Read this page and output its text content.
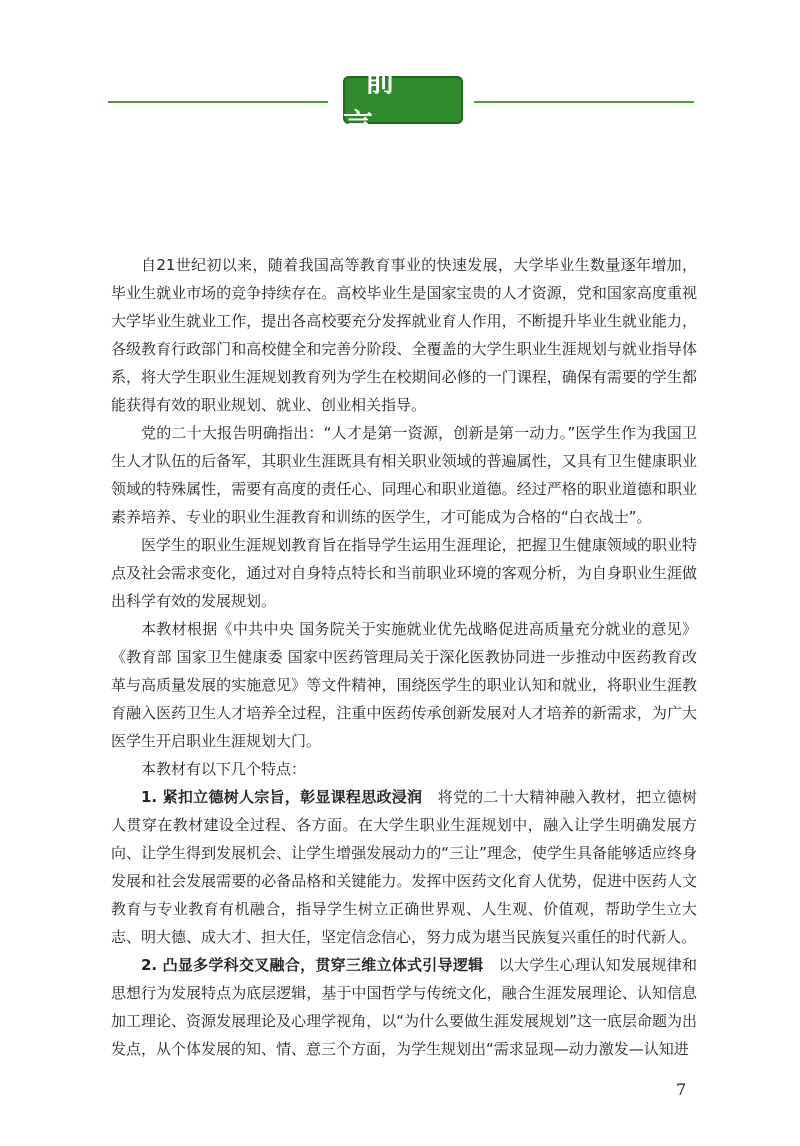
前言

自21世纪初以来，随着我国高等教育事业的快速发展，大学毕业生数量逐年增加，毕业生就业市场的竞争持续存在。高校毕业生是国家宝贵的人才资源，党和国家高度重视大学毕业生就业工作，提出各高校要充分发挥就业育人作用，不断提升毕业生就业能力，各级教育行政部门和高校健全和完善分阶段、全覆盖的大学生职业生涯规划与就业指导体系，将大学生职业生涯规划教育列为学生在校期间必修的一门课程，确保有需要的学生都能获得有效的职业规划、就业、创业相关指导。

党的二十大报告明确指出：“人才是第一资源，创新是第一动力。”医学生作为我国卫生人才队伍的后备军，其职业生涯既具有相关职业领域的普遍属性，又具有卫生健康职业领域的特殊属性，需要有高度的责任心、同理心和职业道德。经过严格的职业道德和职业素养培养、专业的职业生涯教育和训练的医学生，才可能成为合格的“白衣战士”。

医学生的职业生涯规划教育旨在指导学生运用生涯理论，把握卫生健康领域的职业特点及社会需求变化，通过对自身特点特长和当前职业环境的客观分析，为自身职业生涯做出科学有效的发展规划。

本教材根据《中共中央 国务院关于实施就业优先战略促进高质量充分就业的意见》《教育部 国家卫生健康委 国家中医药管理局关于深化医教协同进一步推动中医药教育改革与高质量发展的实施意见》等文件精神，围绕医学生的职业认知和就业，将职业生涯教育融入医药卫生人才培养全过程，注重中医药传承创新发展对人才培养的新需求，为广大医学生开启职业生涯规划大门。

本教材有以下几个特点：

1. 紧扣立德树人宗旨，彰显课程思政浸润　将党的二十大精神融入教材，把立德树人贯穿在教材建设全过程、各方面。在大学生职业生涯规划中，融入让学生明确发展方向、让学生得到发展机会、让学生增强发展动力的“三让”理念，使学生具备能够适应终身发展和社会发展需要的必备品格和关键能力。发挥中医药文化育人优势，促进中医药人文教育与专业教育有机融合，指导学生树立正确世界观、人生观、价值观，帮助学生立大志、明大德、成大才、担大任，坚定信念信心，努力成为堪当民族复兴重任的时代新人。

2. 凸显多学科交叉融合，贯穿三维立体式引导逻辑　以大学生心理认知发展规律和思想行为发展特点为底层逻辑，基于中国哲学与传统文化，融合生涯发展理论、认知信息加工理论、资源发展理论及心理学视角，以“为什么要做生涯发展规划”这一底层命题为出发点，从个体发展的知、情、意三个方面，为学生规划出“需求显现—动力激发—认知进

7
